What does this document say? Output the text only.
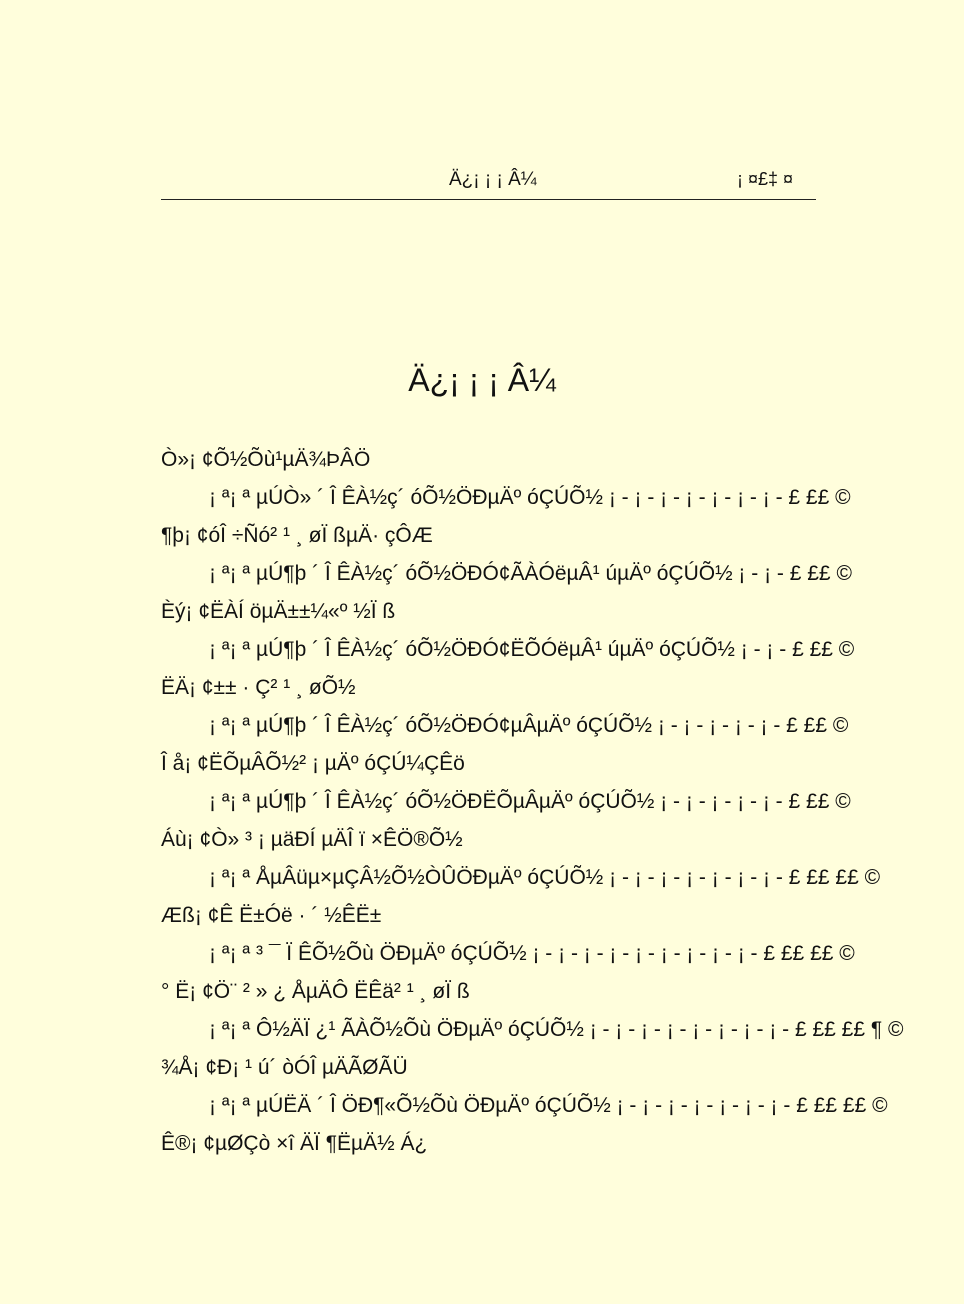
Ä¿¡ ¡ ¡ Â¼	¡ ¤£‡ ¤
Ä¿¡ ¡ ¡ Â¼
Ò»¡ ¢Õ½Õù¹µÄ¾ÞÂÖ
¡ ª¡ ª µÚÒ» ´ Î ÊÀ½ç´ óÕ½ÖÐµÄº óÇÚÕ½ ¡ - ¡ - ¡ - ¡ - ¡ - ¡ - ¡ - £ ££ ©
¶þ¡ ¢óÎ ÷Ñó² ¹ ¸ øÏ ßµÄ· çÔÆ
¡ ª¡ ª µÚ¶þ ´ Î ÊÀ½ç´ óÕ½ÖÐÓ¢ÃÀÓëµÂ¹ úµÄº óÇÚÕ½ ¡ - ¡ - £ ££ ©
Èý¡ ¢ËÀÍ öµÄ±±¼«º ½Ï ß
¡ ª¡ ª µÚ¶þ ´ Î ÊÀ½ç´ óÕ½ÖÐÓ¢ËÕÓëµÂ¹ úµÄº óÇÚÕ½ ¡ - ¡ - £ ££ ©
ËÄ¡ ¢±± · Ç² ¹ ¸ øÕ½
¡ ª¡ ª µÚ¶þ ´ Î ÊÀ½ç´ óÕ½ÖÐÓ¢µÂµÄº óÇÚÕ½ ¡ - ¡ - ¡ - ¡ - ¡ - £ ££ ©
Î å¡ ¢ËÕµÂÕ½² ¡ µÄº óÇÚ¼ÇÊö
¡ ª¡ ª µÚ¶þ ´ Î ÊÀ½ç´ óÕ½ÖÐËÕµÂµÄº óÇÚÕ½ ¡ - ¡ - ¡ - ¡ - ¡ - £ ££ ©
Áù¡ ¢Ò» ³ ¡ µäÐÍ µÄÎ ï ×ÊÖ®Õ½
¡ ª¡ ª ÅµÂüµ×µÇÂ½Õ½ÒÛÖÐµÄº óÇÚÕ½ ¡ - ¡ - ¡ - ¡ - ¡ - ¡ - ¡ - £ ££ ££ ©
Æß¡ ¢Ê Ë±Óë · ´ ½ÊË±
¡ ª¡ ª ³ ¯ Ï ÊÕ½Õù ÖÐµÄº óÇÚÕ½ ¡ - ¡ - ¡ - ¡ - ¡ - ¡ - ¡ - ¡ - ¡ - £ ££ ££ ©
° Ë¡ ¢Ö¨ ² » ¿ ÅµÄÔ ËÊä² ¹ ¸ øÏ ß
¡ ª¡ ª Ô½ÄÏ ¿¹ ÃÀÕ½Õù ÖÐµÄº óÇÚÕ½ ¡ - ¡ - ¡ - ¡ - ¡ - ¡ - ¡ - ¡ - £ ££ ££ ¶ ©
¾Å¡ ¢Ð¡ ¹ ú´ òÓÎ µÄÃØÃÜ
¡ ª¡ ª µÚËÄ ´ Î ÖÐ¶«Õ½Õù ÖÐµÄº óÇÚÕ½ ¡ - ¡ - ¡ - ¡ - ¡ - ¡ - ¡ - £ ££ ££ ©
Ê®¡ ¢µØÇò ×î ÄÏ ¶ËµÄ½ Á¿
